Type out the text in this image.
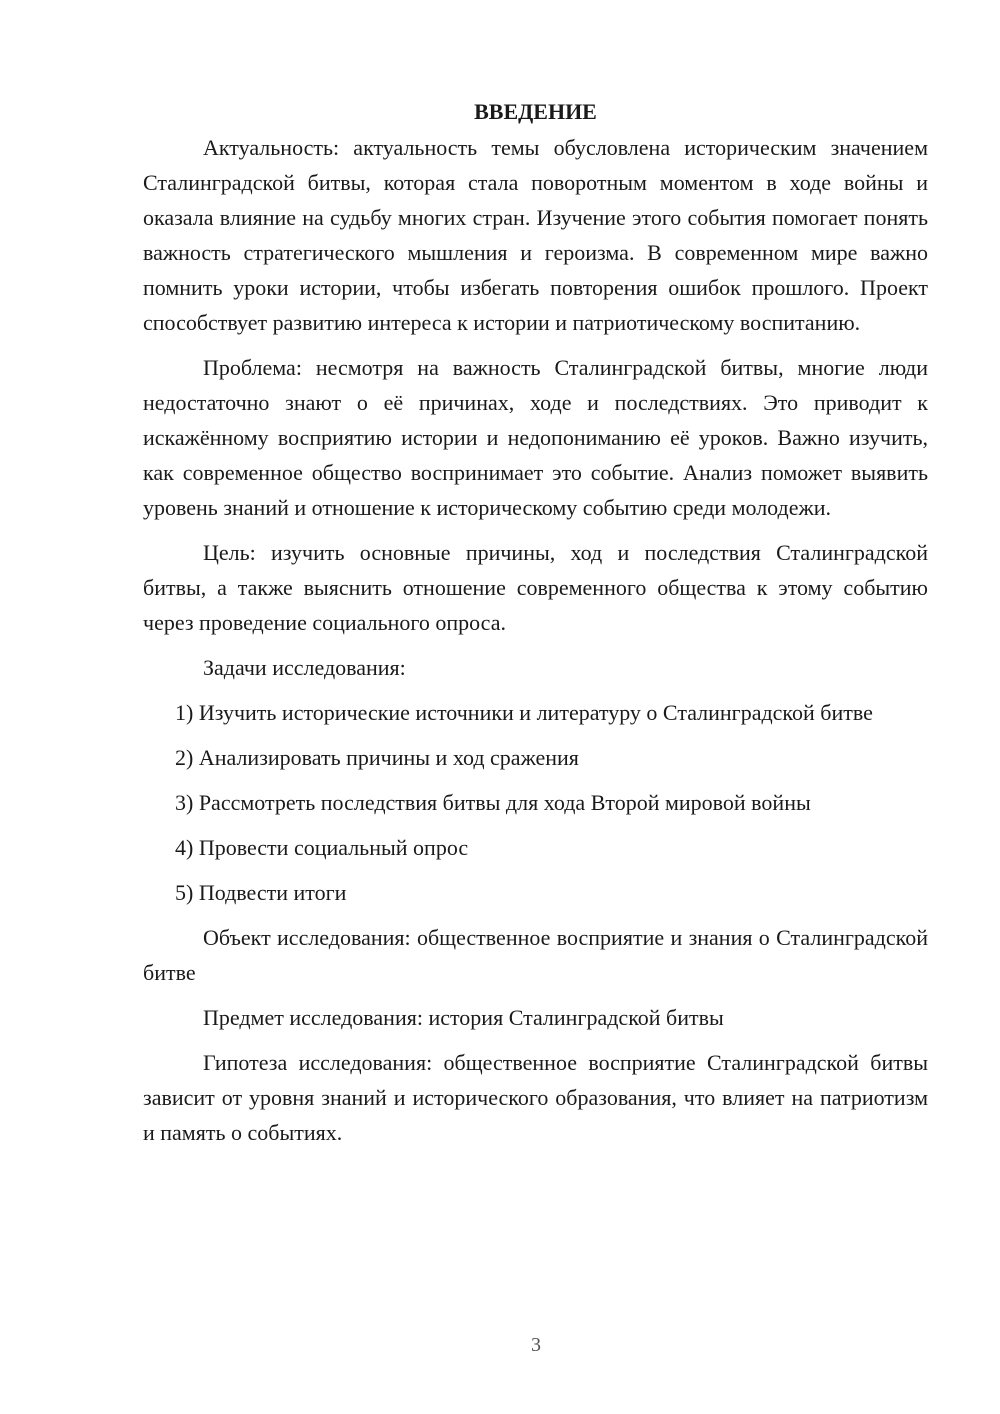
ВВЕДЕНИЕ

Актуальность: актуальность темы обусловлена историческим значением Сталинградской битвы, которая стала поворотным моментом в ходе войны и оказала влияние на судьбу многих стран. Изучение этого события помогает понять важность стратегического мышления и героизма. В современном мире важно помнить уроки истории, чтобы избегать повторения ошибок прошлого. Проект способствует развитию интереса к истории и патриотическому воспитанию.

Проблема: несмотря на важность Сталинградской битвы, многие люди недостаточно знают о её причинах, ходе и последствиях. Это приводит к искажённому восприятию истории и недопониманию её уроков. Важно изучить, как современное общество воспринимает это событие. Анализ поможет выявить уровень знаний и отношение к историческому событию среди молодежи.

Цель: изучить основные причины, ход и последствия Сталинградской битвы, а также выяснить отношение современного общества к этому событию через проведение социального опроса.

Задачи исследования:

1) Изучить исторические источники и литературу о Сталинградской битве

2) Анализировать причины и ход сражения

3) Рассмотреть последствия битвы для хода Второй мировой войны

4) Провести социальный опрос

5) Подвести итоги

Объект исследования: общественное восприятие и знания о Сталинградской битве

Предмет исследования: история Сталинградской битвы

Гипотеза исследования: общественное восприятие Сталинградской битвы зависит от уровня знаний и исторического образования, что влияет на патриотизм и память о событиях.

3
